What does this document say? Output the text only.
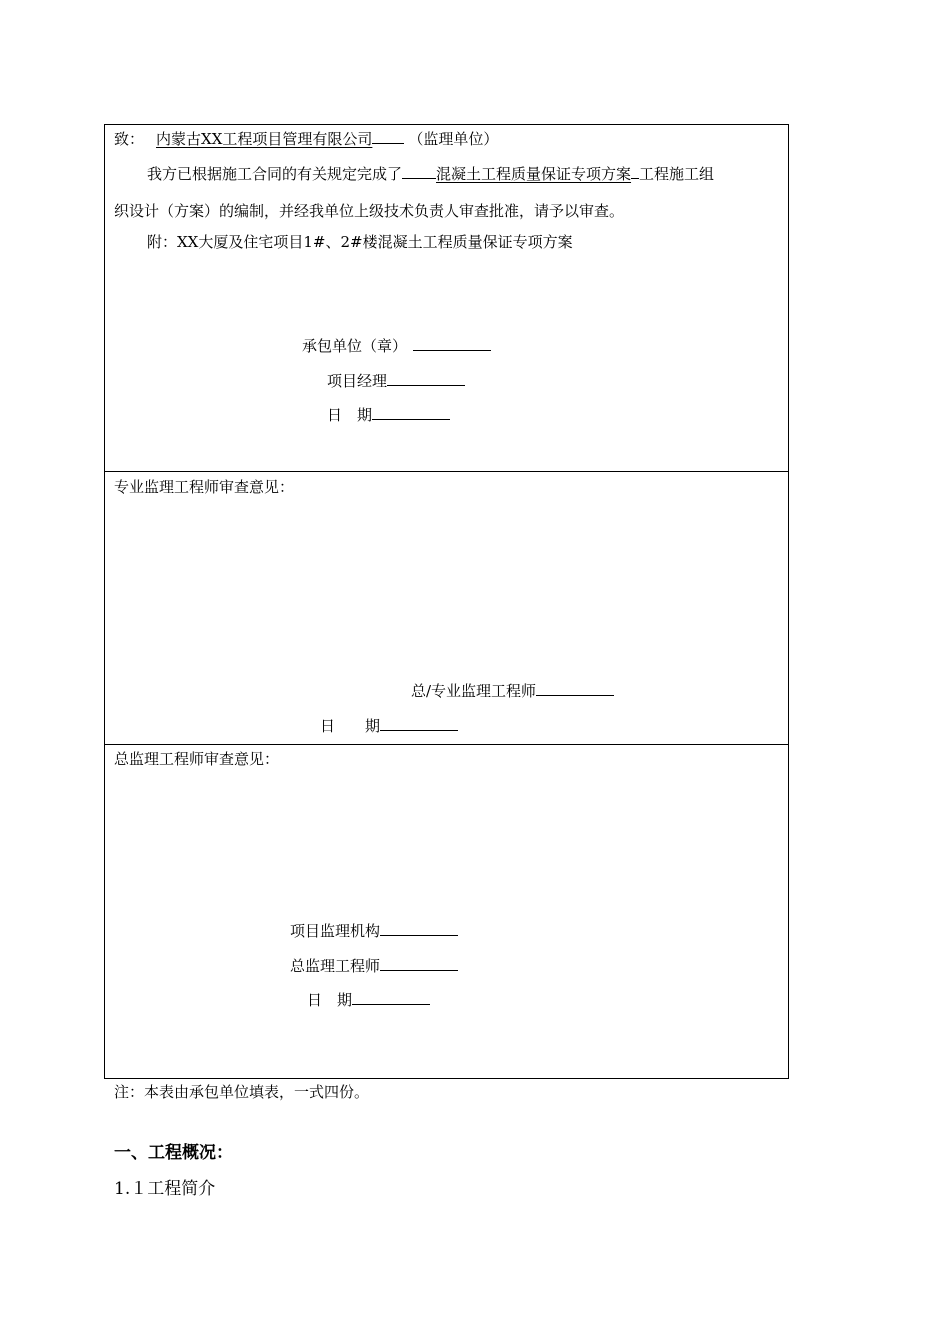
致： 内蒙古XX工程项目管理有限公司 （监理单位）
我方已根据施工合同的有关规定完成了 混凝土工程质量保证专项方案 工程施工组
织设计（方案）的编制，并经我单位上级技术负责人审查批准，请予以审查。
附：XX大厦及住宅项目1#、2#楼混凝土工程质量保证专项方案
承包单位（章）
项目经理
日　期
专业监理工程师审查意见：
总/专业监理工程师
日　　期
总监理工程师审查意见：
项目监理机构
总监理工程师
日　期
注：本表由承包单位填表，一式四份。
一、工程概况：
1.１工程简介
